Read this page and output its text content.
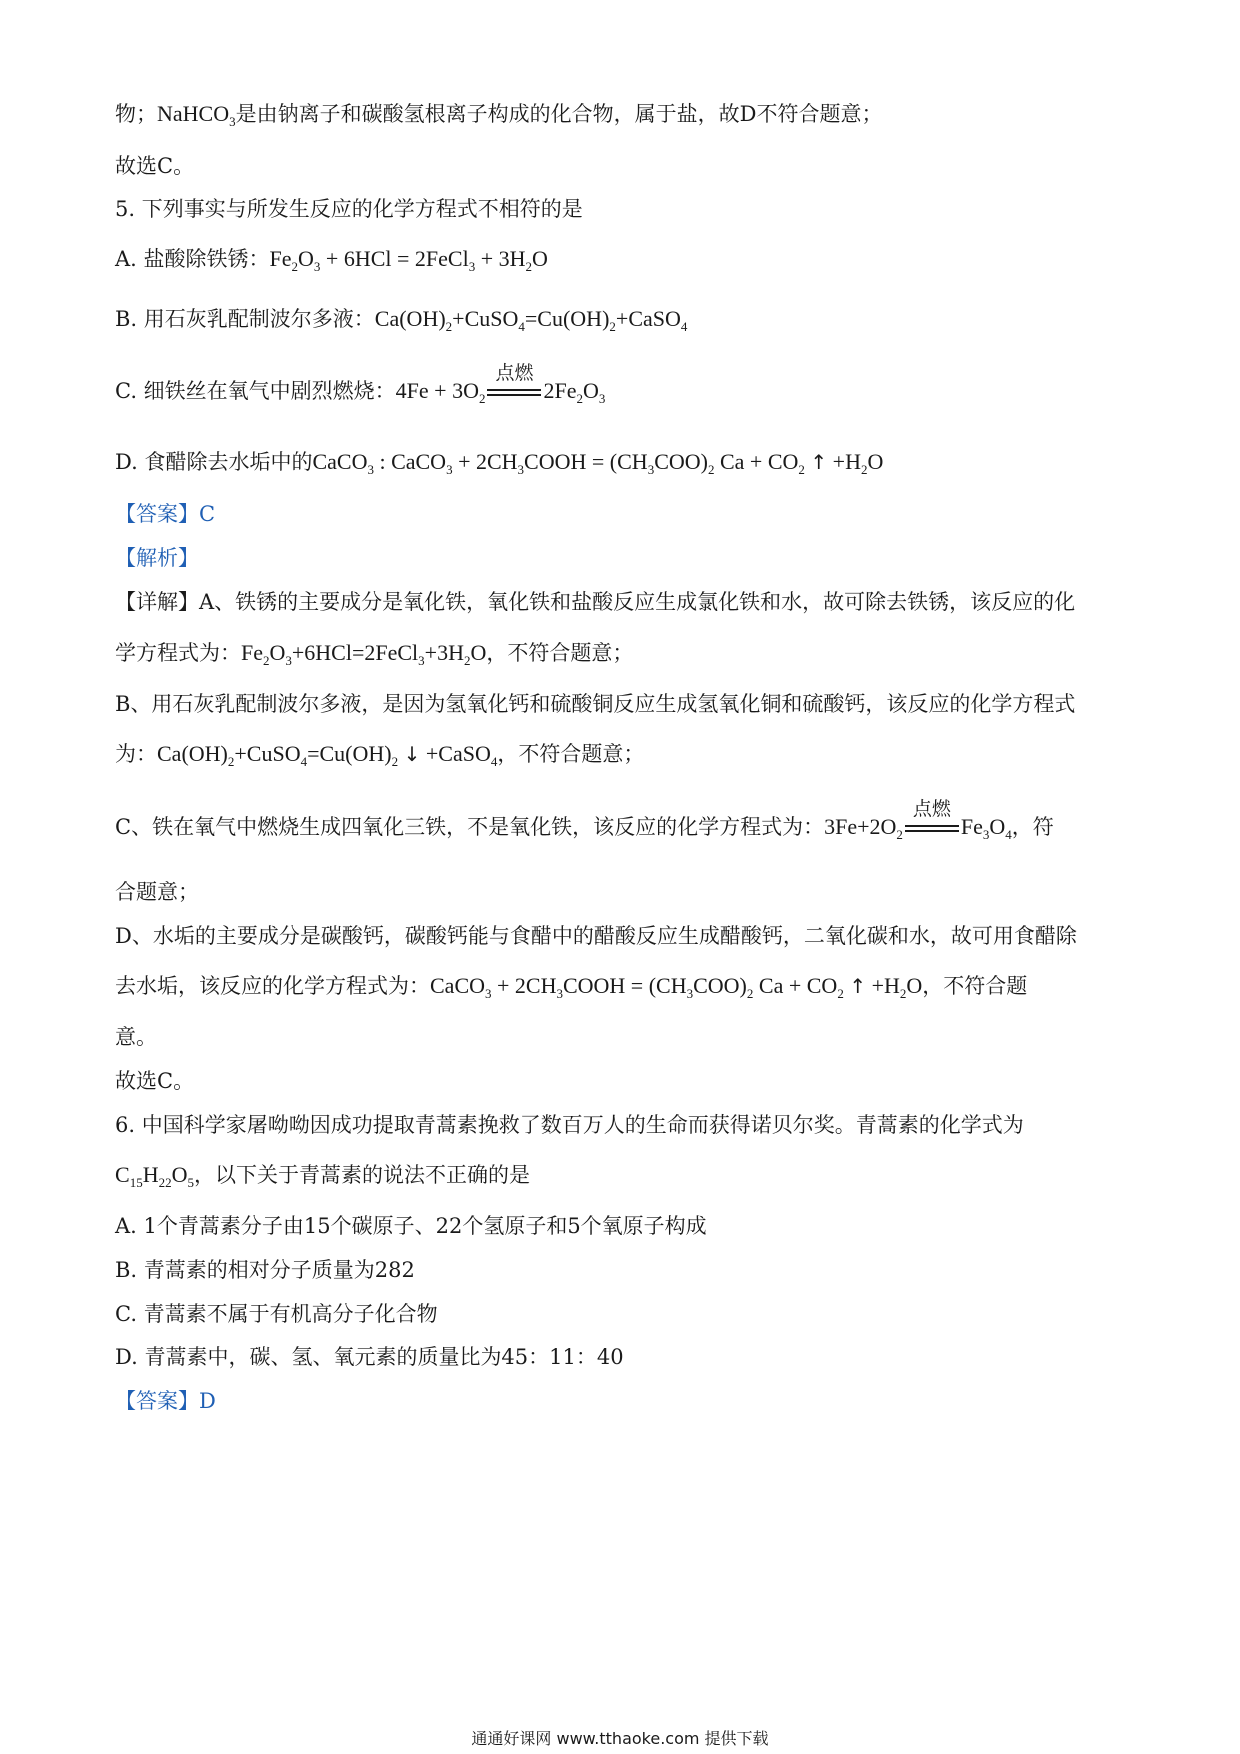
物；NaHCO$_3$是由钠离子和碳酸氢根离子构成的化合物，属于盐，故D不符合题意；
故选C。
5. 下列事实与所发生反应的化学方程式不相符的是
A. 盐酸除铁锈：$Fe_2O_3 + 6HCl$ = 2FeCl$_3$ + $3H_2O$
B. 用石灰乳配制波尔多液：$Ca(OH)_2+CuSO_4=Cu(OH)_2+CaSO_4$
C. 细铁丝在氧气中剧烈燃烧：$4Fe + 3O_2$
点燃
$2Fe_2O_3$
D. 食醋除去水垢中的CaCO$_3$ : CaCO$_3$ + $2CH_3COOH = (CH_3COO)_2$ $Ca + CO_2$ ↑ $+H_2O$
【答案】C
【解析】
【详解】A、铁锈的主要成分是氧化铁，氧化铁和盐酸反应生成氯化铁和水，故可除去铁锈，该反应的化
学方程式为：$Fe_2O_3+6HCl=2FeCl_3+3H_2O$，不符合题意；
B、用石灰乳配制波尔多液，是因为氢氧化钙和硫酸铜反应生成氢氧化铜和硫酸钙，该反应的化学方程式
为：$Ca(OH)_2+CuSO_4=Cu(OH)_2$ ↓ +CaSO$_4$，不符合题意；
C、铁在氧气中燃烧生成四氧化三铁，不是氧化铁，该反应的化学方程式为：$3Fe+2O_2$
点燃
$Fe_3O_4$，符
合题意；
D、水垢的主要成分是碳酸钙，碳酸钙能与食醋中的醋酸反应生成醋酸钙，二氧化碳和水，故可用食醋除
去水垢，该反应的化学方程式为：CaCO$_3$ + $2CH_3COOH = (CH_3COO)_2$ $Ca + CO_2$ ↑ $+H_2O$，不符合题
意。
故选C。
6. 中国科学家屠呦呦因成功提取青蒿素挽救了数百万人的生命而获得诺贝尔奖。青蒿素的化学式为
$C_{15}H_{22}O_5$，以下关于青蒿素的说法不正确的是
A. 1个青蒿素分子由15个碳原子、22个氢原子和5个氧原子构成
B. 青蒿素的相对分子质量为282
C. 青蒿素不属于有机高分子化合物
D. 青蒿素中，碳、氢、氧元素的质量比为45：11：40
【答案】D
通通好课网 www.tthaoke.com 提供下载
